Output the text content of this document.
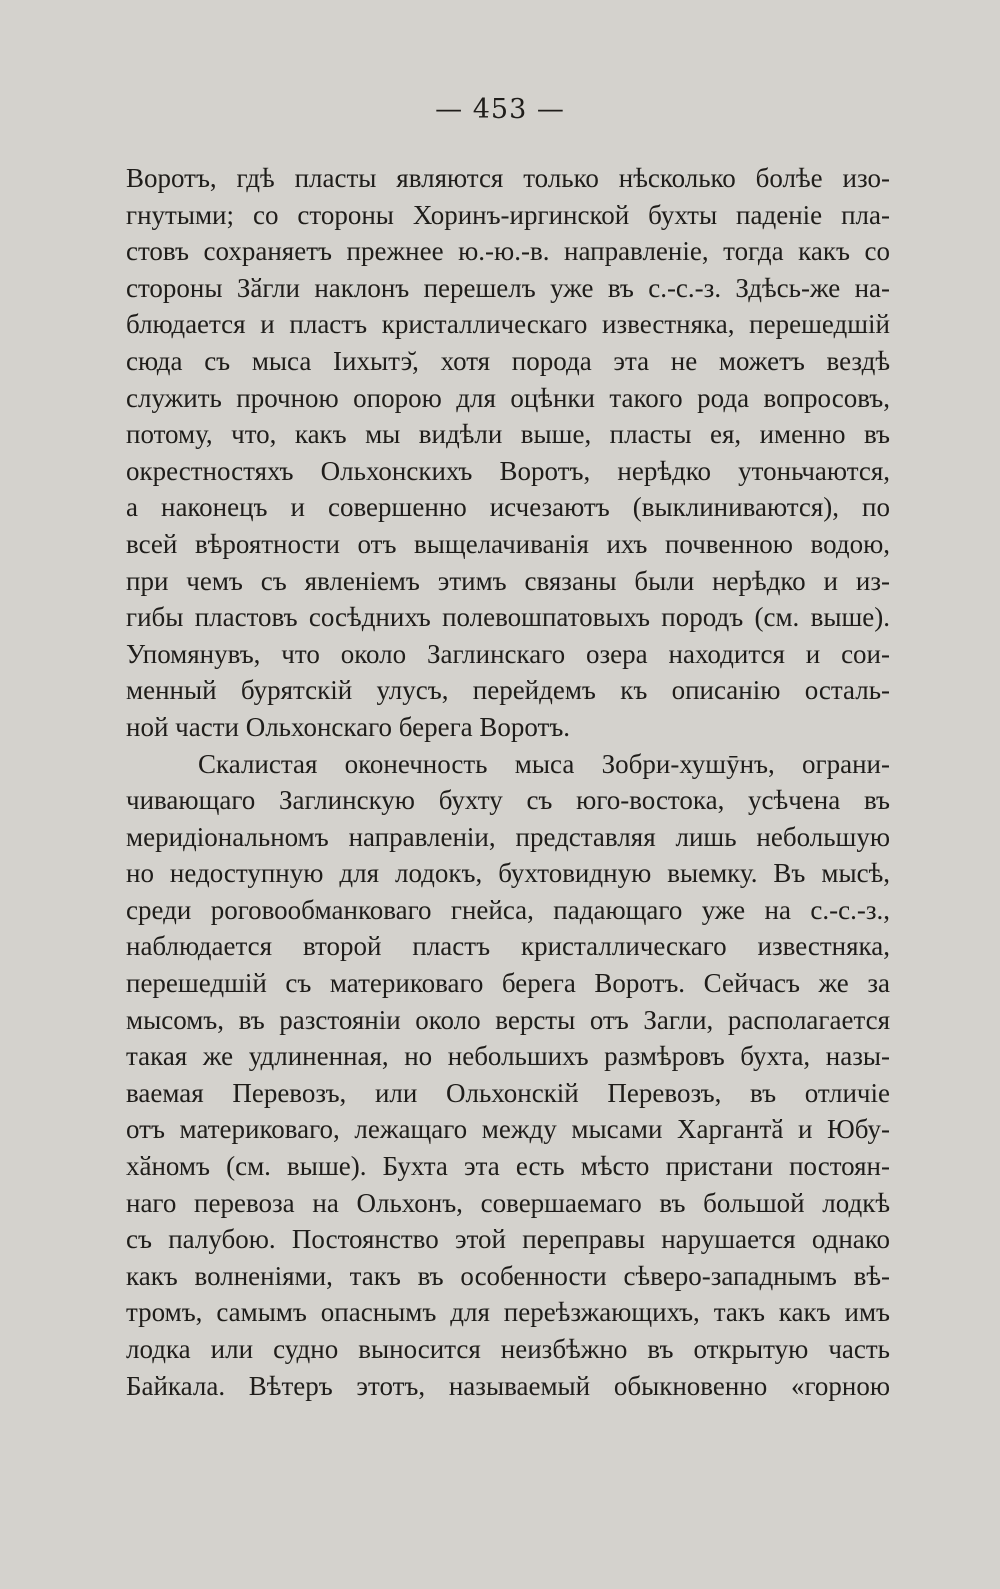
— 453 —
Воротъ, гдѣ пласты являются только нѣсколько болѣе изо-
гнутыми; со стороны Хоринъ-иргинской бухты паденіе пла-
стовъ сохраняетъ прежнее ю.-ю.-в. направленіе, тогда какъ со
стороны Зӑгли наклонъ перешелъ уже въ с.-с.-з. Здѣсь-же на-
блюдается и пластъ кристаллическаго известняка, перешедшій
сюда съ мыса Іихытэ̆, хотя порода эта не можетъ вездѣ
служить прочною опорою для оцѣнки такого рода вопросовъ,
потому, что, какъ мы видѣли выше, пласты ея, именно въ
окрестностяхъ Ольхонскихъ Воротъ, нерѣдко утоньчаются,
а наконецъ и совершенно исчезаютъ (выклиниваются), по
всей вѣроятности отъ выщелачиванія ихъ почвенною водою,
при чемъ съ явленіемъ этимъ связаны были нерѣдко и из-
гибы пластовъ сосѣднихъ полевошпатовыхъ породъ (см. выше).
Упомянувъ, что около Заглинскаго озера находится и сои-
менный бурятскій улусъ, перейдемъ къ описанію осталь-
ной части Ольхонскаго берега Воротъ.
Скалистая оконечность мыса Зобри-хушӯнъ, ограни-
чивающаго Заглинскую бухту съ юго-востока, усѣчена въ
меридіональномъ направленіи, представляя лишь небольшую
но недоступную для лодокъ, бухтовидную выемку. Въ мысѣ,
среди роговообманковаго гнейса, падающаго уже на с.-с.-з.,
наблюдается второй пластъ кристаллическаго известняка,
перешедшій съ материковаго берега Воротъ. Сейчасъ же за
мысомъ, въ разстояніи около версты отъ Загли, располагается
такая же удлиненная, но небольшихъ размѣровъ бухта, назы-
ваемая Перевозъ, или Ольхонскій Перевозъ, въ отличіе
отъ материковаго, лежащаго между мысами Харгантӑ и Юбу-
хӑномъ (см. выше). Бухта эта есть мѣсто пристани постоян-
наго перевоза на Ольхонъ, совершаемаго въ большой лодкѣ
съ палубою. Постоянство этой переправы нарушается однако
какъ волненіями, такъ въ особенности сѣверо-западнымъ вѣ-
тромъ, самымъ опаснымъ для переѣзжающихъ, такъ какъ имъ
лодка или судно выносится неизбѣжно въ открытую часть
Байкала. Вѣтеръ этотъ, называемый обыкновенно «горною
